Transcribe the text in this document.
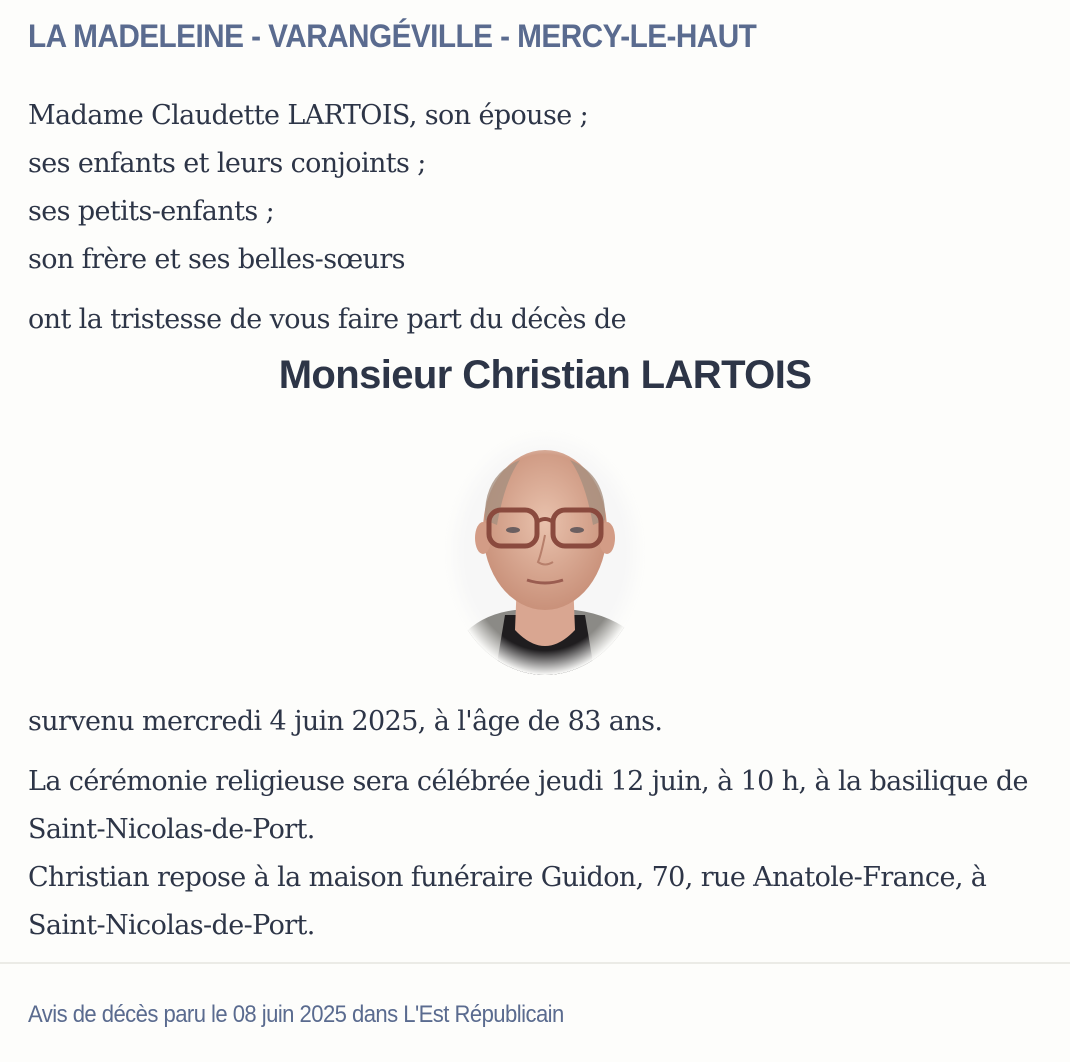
LA MADELEINE - VARANGÉVILLE - MERCY-LE-HAUT
Madame Claudette LARTOIS, son épouse ;
ses enfants et leurs conjoints ;
ses petits-enfants ;
son frère et ses belles-sœurs
ont la tristesse de vous faire part du décès de
Monsieur Christian LARTOIS
survenu mercredi 4 juin 2025, à l'âge de 83 ans.
La cérémonie religieuse sera célébrée jeudi 12 juin, à 10 h, à la basilique de
Saint-Nicolas-de-Port.
Christian repose à la maison funéraire Guidon, 70, rue Anatole-France, à
Saint-Nicolas-de-Port.
Avis de décès paru le 08 juin 2025 dans L'Est Républicain
